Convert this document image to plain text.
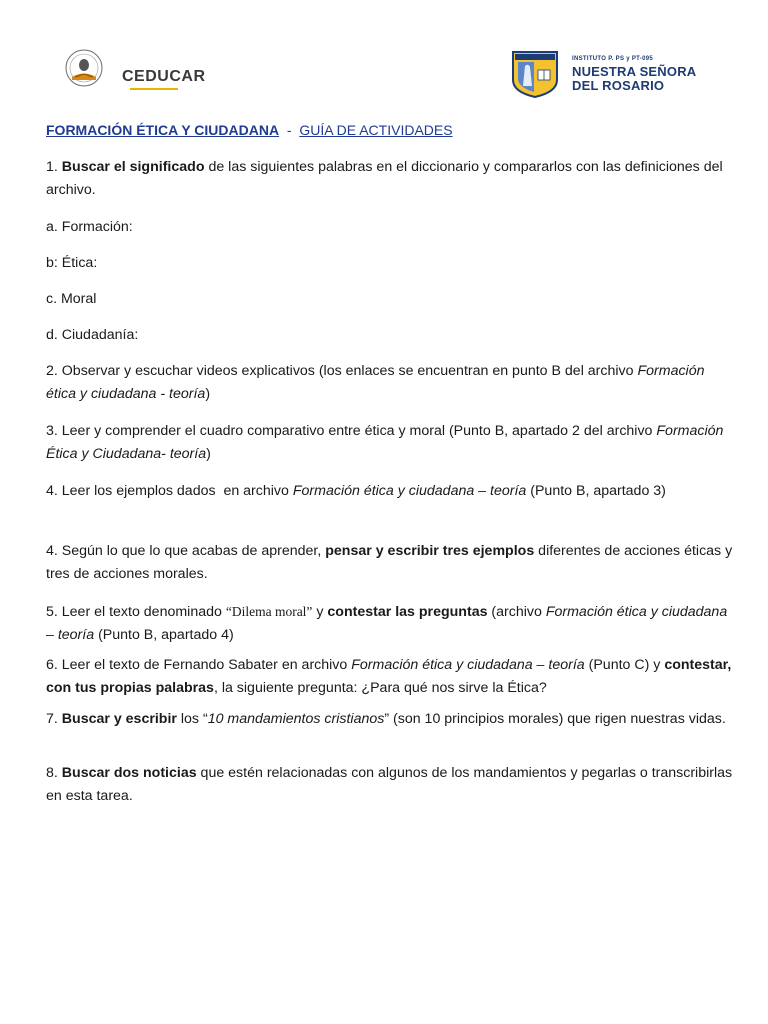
CEDUCAR
INSTITUTO P. PS y PT-095
NUESTRA SEÑORA
DEL ROSARIO
FORMACIÓN ÉTICA Y CIUDADANA  -  GUÍA DE ACTIVIDADES
1. Buscar el significado de las siguientes palabras en el diccionario y compararlos con las definiciones del archivo.
a. Formación:
b: Ética:
c. Moral
d. Ciudadanía:
2. Observar y escuchar videos explicativos (los enlaces se encuentran en punto B del archivo Formación ética y ciudadana - teoría)
3. Leer y comprender el cuadro comparativo entre ética y moral (Punto B, apartado 2 del archivo Formación Ética y Ciudadana- teoría)
4. Leer los ejemplos dados  en archivo Formación ética y ciudadana – teoría (Punto B, apartado 3)
4. Según lo que lo que acabas de aprender, pensar y escribir tres ejemplos diferentes de acciones éticas y tres de acciones morales.
5. Leer el texto denominado “Dilema moral” y contestar las preguntas (archivo Formación ética y ciudadana – teoría (Punto B, apartado 4)
6. Leer el texto de Fernando Sabater en archivo Formación ética y ciudadana – teoría (Punto C) y contestar, con tus propias palabras, la siguiente pregunta: ¿Para qué nos sirve la Ética?
7. Buscar y escribir los “10 mandamientos cristianos” (son 10 principios morales) que rigen nuestras vidas.
8. Buscar dos noticias que estén relacionadas con algunos de los mandamientos y pegarlas o transcribirlas en esta tarea.
